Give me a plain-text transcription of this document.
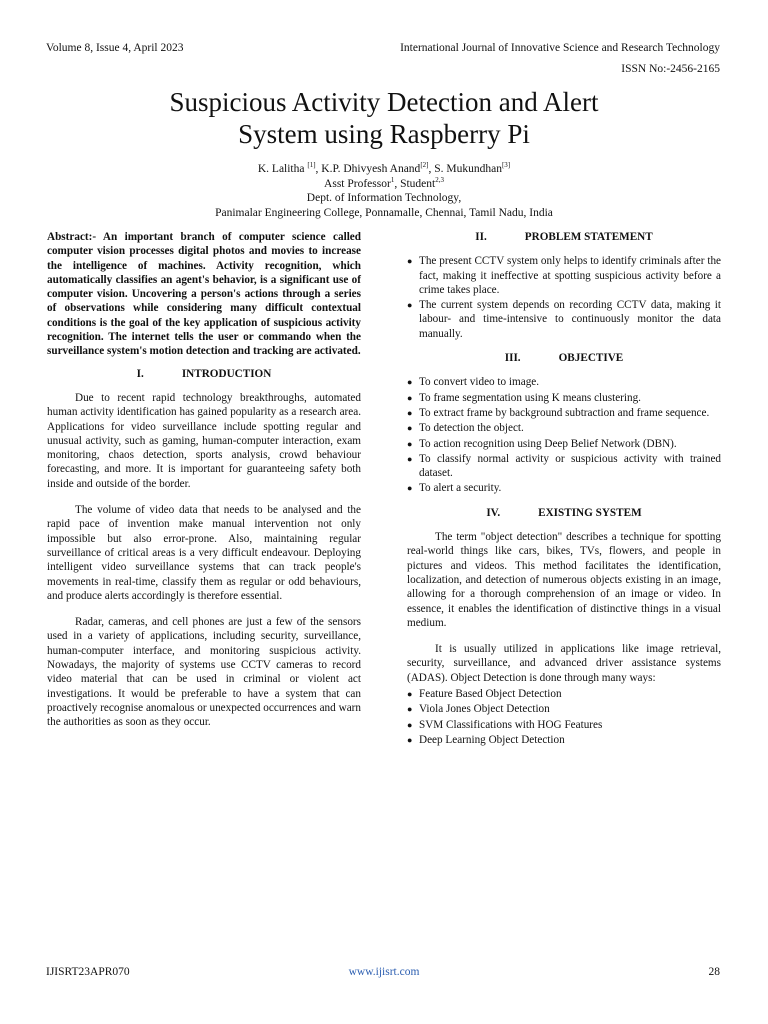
Volume 8, Issue 4, April 2023	International Journal of Innovative Science and Research Technology
ISSN No:-2456-2165
Suspicious Activity Detection and Alert
System using Raspberry Pi
K. Lalitha [1], K.P. Dhivyesh Anand[2], S. Mukundhan[3]
Asst Professor$^1$, Student$^{2,3}$
Dept. of Information Technology,
Panimalar Engineering College, Ponnamalle, Chennai, Tamil Nadu, India

Abstract:- An important branch of computer science called computer vision processes digital photos and movies to increase the intelligence of machines. Activity recognition, which automatically classifies an agent's behavior, is a significant use of computer vision. Uncovering a person's actions through a series of observations while considering many difficult contextual conditions is the goal of the key application of suspicious activity recognition. The internet tells the user or commando when the surveillance system's motion detection and tracking are activated.

I.	INTRODUCTION

Due to recent rapid technology breakthroughs, automated human activity identification has gained popularity as a research area. Applications for video surveillance include spotting regular and unusual activity, such as gaming, human-computer interaction, exam monitoring, chaos detection, sports analysis, crowd behaviour forecasting, and more. It is important for guaranteeing safety both inside and outside of the border.

The volume of video data that needs to be analysed and the rapid pace of invention make manual intervention not only impossible but also error-prone. Also, maintaining regular surveillance of critical areas is a very difficult endeavour. Deploying intelligent video surveillance systems that can track people's movements in real-time, classify them as regular or odd behaviours, and produce alerts accordingly is therefore essential.

Radar, cameras, and cell phones are just a few of the sensors used in a variety of applications, including security, surveillance, human-computer interface, and monitoring suspicious activity. Nowadays, the majority of systems use CCTV cameras to record video material that can be used in criminal or violent act investigations. It would be preferable to have a system that can proactively recognise anomalous or unexpected occurrences and warn the authorities as soon as they occur.

II.	PROBLEM STATEMENT
● The present CCTV system only helps to identify criminals after the fact, making it ineffective at spotting suspicious activity before a crime takes place.
● The current system depends on recording CCTV data, making it labour- and time-intensive to continuously monitor the data manually.
III.	OBJECTIVE
● To convert video to image.
● To frame segmentation using K means clustering.
● To extract frame by background subtraction and frame sequence.
● To detection the object.
● To action recognition using Deep Belief Network (DBN).
● To classify normal activity or suspicious activity with trained dataset.
● To alert a security.
IV.	EXISTING SYSTEM

The term "object detection" describes a technique for spotting real-world things like cars, bikes, TVs, flowers, and people in pictures and videos. This method facilitates the identification, localization, and detection of numerous objects existing in an image, allowing for a thorough comprehension of an image or video. In essence, it enables the identification of distinctive things in a visual medium.

It is usually utilized in applications like image retrieval, security, surveillance, and advanced driver assistance systems (ADAS). Object Detection is done through many ways:

● Feature Based Object Detection
● Viola Jones Object Detection
● SVM Classifications with HOG Features
● Deep Learning Object Detection
IJISRT23APR070	www.ijisrt.com	28
